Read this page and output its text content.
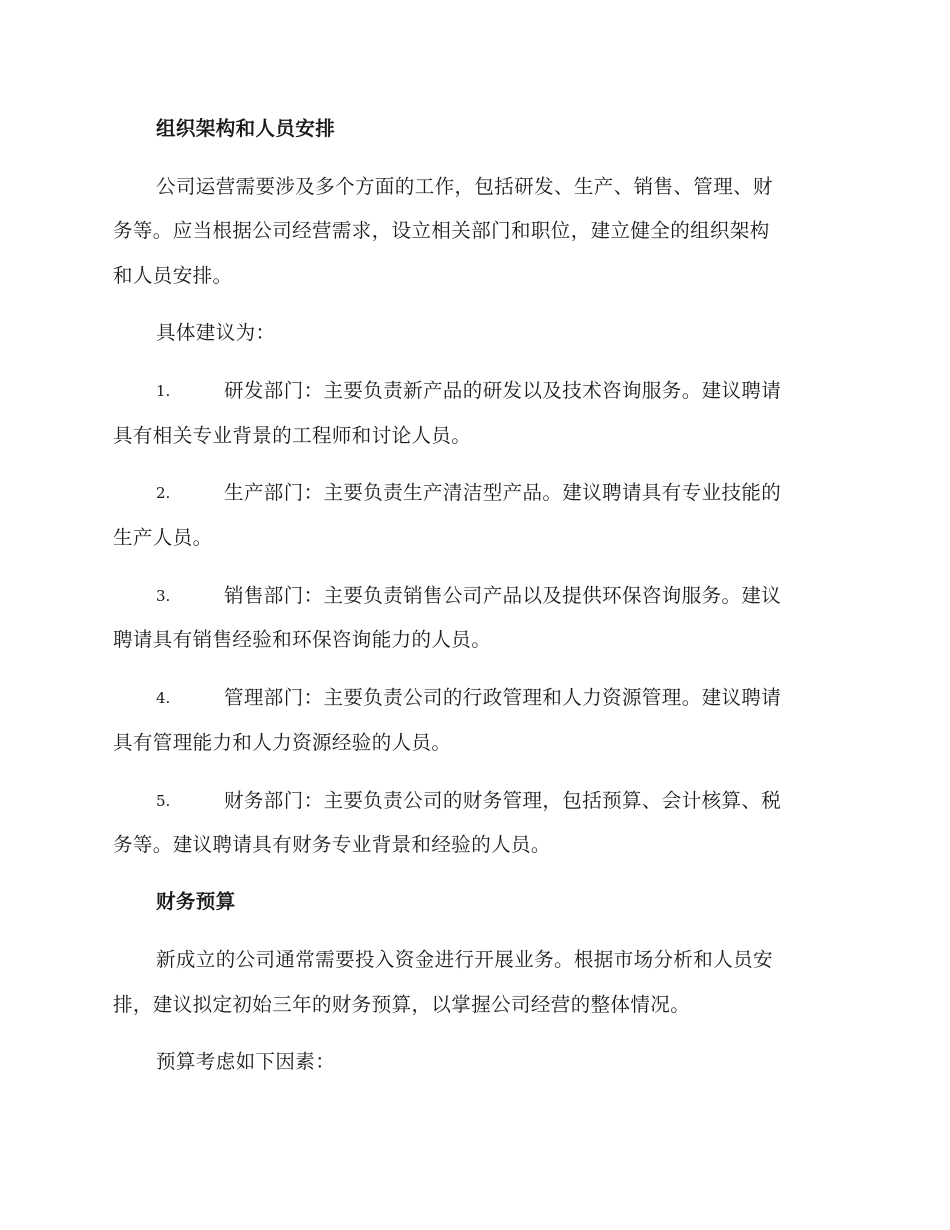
组织架构和人员安排
公司运营需要涉及多个方面的工作，包括研发、生产、销售、管理、财
务等。应当根据公司经营需求，设立相关部门和职位，建立健全的组织架构
和人员安排。
具体建议为：
1.	研发部门：主要负责新产品的研发以及技术咨询服务。建议聘请
具有相关专业背景的工程师和讨论人员。
2.	生产部门：主要负责生产清洁型产品。建议聘请具有专业技能的
生产人员。
3.	销售部门：主要负责销售公司产品以及提供环保咨询服务。建议
聘请具有销售经验和环保咨询能力的人员。
4.	管理部门：主要负责公司的行政管理和人力资源管理。建议聘请
具有管理能力和人力资源经验的人员。
5.	财务部门：主要负责公司的财务管理，包括预算、会计核算、税
务等。建议聘请具有财务专业背景和经验的人员。
财务预算
新成立的公司通常需要投入资金进行开展业务。根据市场分析和人员安
排，建议拟定初始三年的财务预算，以掌握公司经营的整体情况。
预算考虑如下因素：
